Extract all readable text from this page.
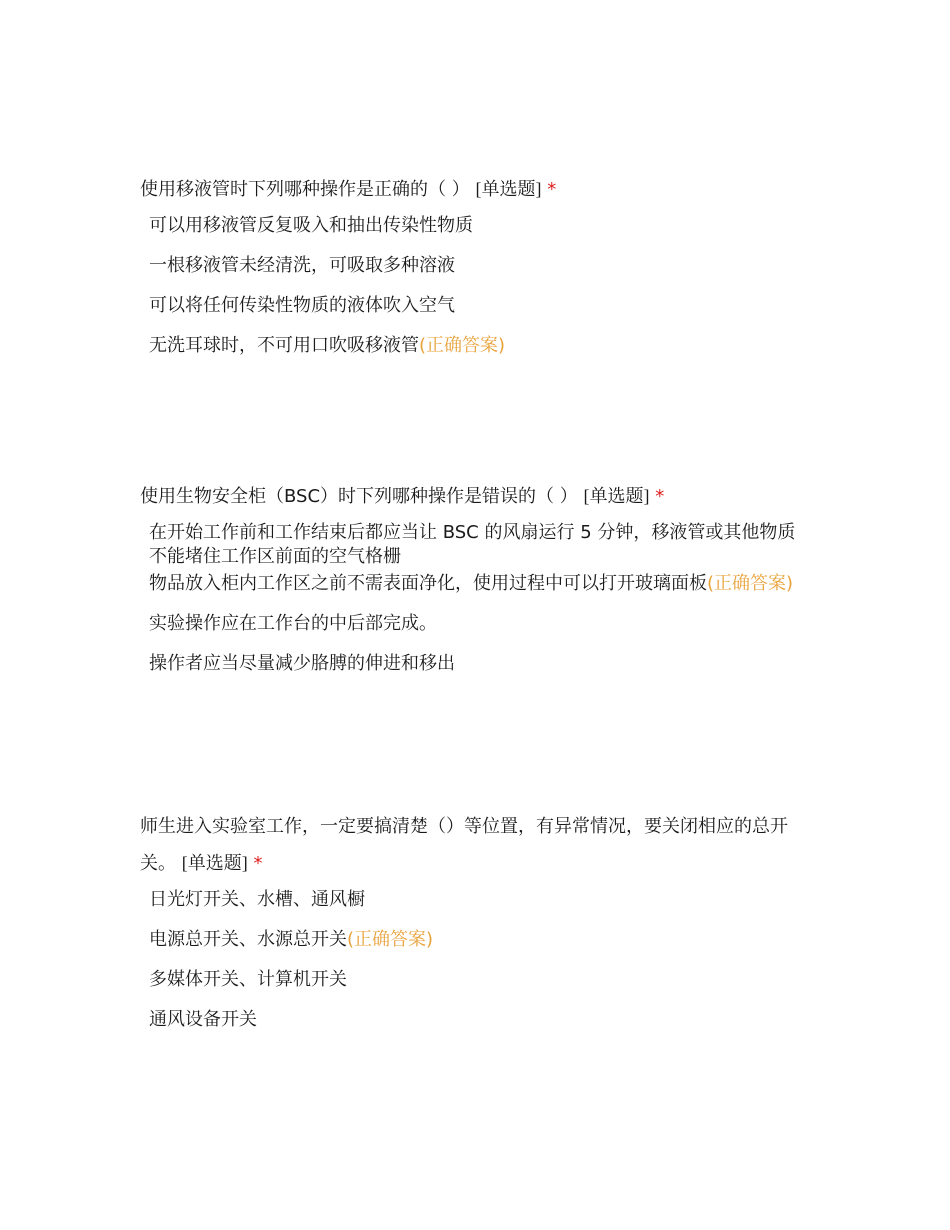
使用移液管时下列哪种操作是正确的（ ） [单选题] *

可以用移液管反复吸入和抽出传染性物质
一根移液管未经清洗，可吸取多种溶液
可以将任何传染性物质的液体吹入空气
无洗耳球时，不可用口吹吸移液管(正确答案)

使用生物安全柜（BSC）时下列哪种操作是错误的（ ） [单选题] *

在开始工作前和工作结束后都应当让 BSC 的风扇运行 5 分钟，移液管或其他物质不能堵住工作区前面的空气格栅
物品放入柜内工作区之前不需表面净化，使用过程中可以打开玻璃面板(正确答案)
实验操作应在工作台的中后部完成。
操作者应当尽量减少胳膊的伸进和移出

师生进入实验室工作，一定要搞清楚（）等位置，有异常情况，要关闭相应的总开关。 [单选题] *

日光灯开关、水槽、通风橱
电源总开关、水源总开关(正确答案)
多媒体开关、计算机开关
通风设备开关
